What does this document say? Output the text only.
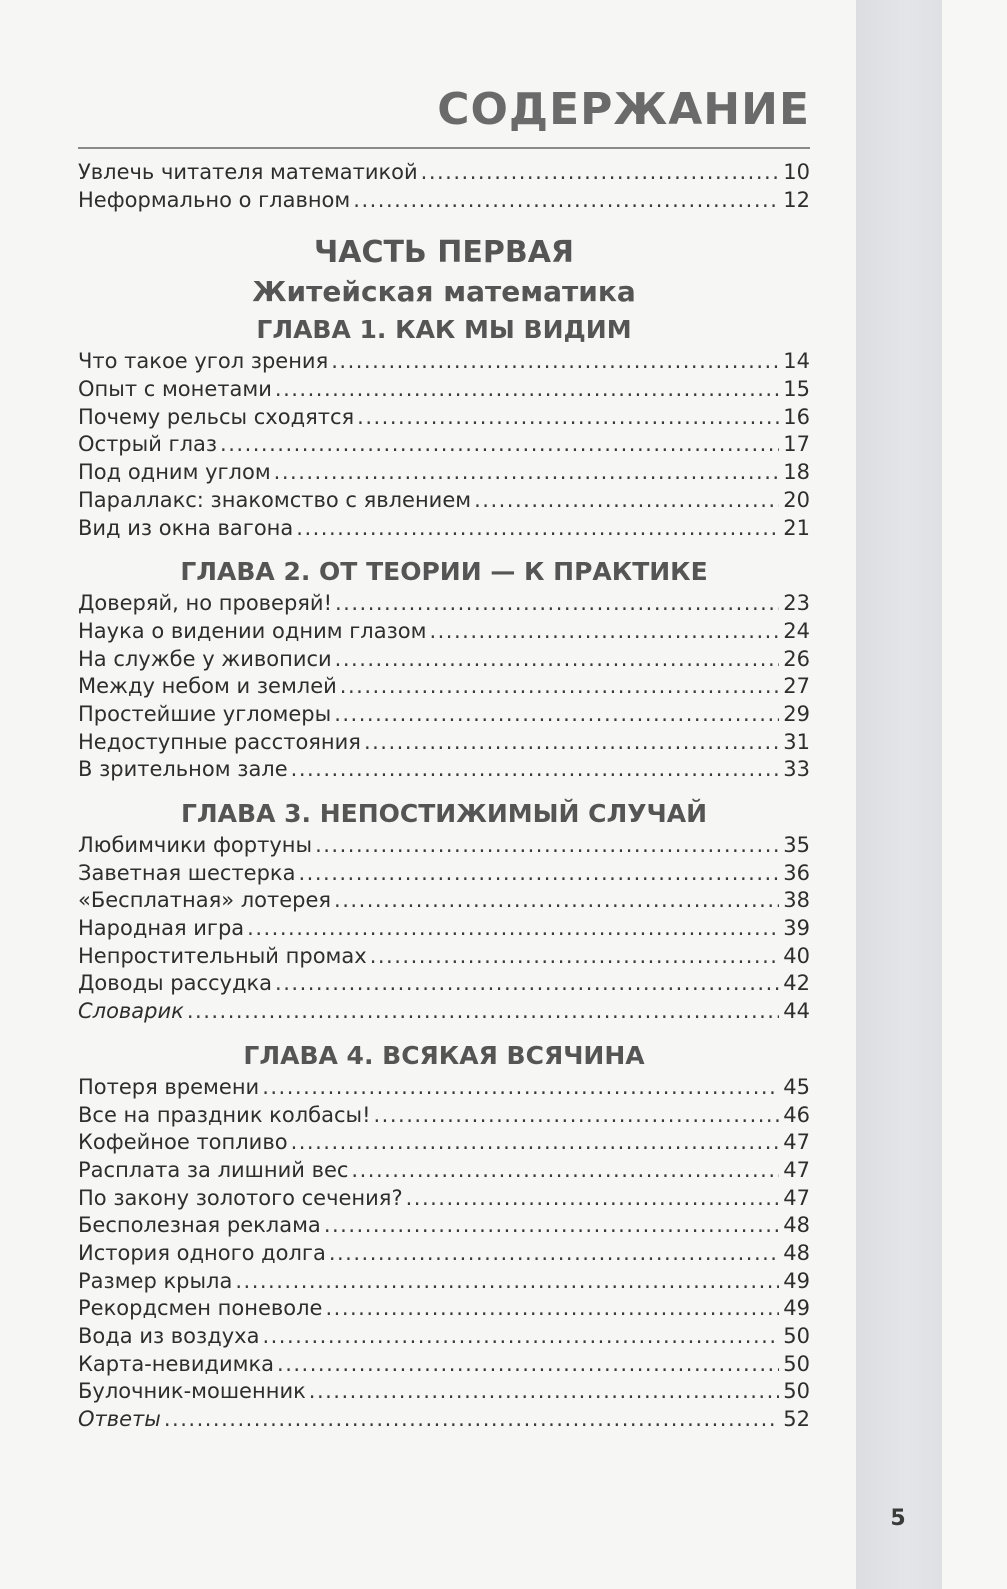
СОДЕРЖАНИЕ
Увлечь читателя математикой .....	10
Неформально о главном .....	12
ЧАСТЬ ПЕРВАЯ
Житейская математика
ГЛАВА 1. КАК МЫ ВИДИМ
Что такое угол зрения .....	14
Опыт с монетами .....	15
Почему рельсы сходятся .....	16
Острый глаз .....	17
Под одним углом .....	18
Параллакс: знакомство с явлением .....	20
Вид из окна вагона .....	21
ГЛАВА 2. ОТ ТЕОРИИ — К ПРАКТИКЕ
Доверяй, но проверяй! .....	23
Наука о видении одним глазом .....	24
На службе у живописи .....	26
Между небом и землей .....	27
Простейшие угломеры .....	29
Недоступные расстояния .....	31
В зрительном зале .....	33
ГЛАВА 3. НЕПОСТИЖИМЫЙ СЛУЧАЙ
Любимчики фортуны .....	35
Заветная шестерка .....	36
«Бесплатная» лотерея .....	38
Народная игра .....	39
Непростительный промах .....	40
Доводы рассудка .....	42
Словарик .....	44
ГЛАВА 4. ВСЯКАЯ ВСЯЧИНА
Потеря времени .....	45
Все на праздник колбасы! .....	46
Кофейное топливо .....	47
Расплата за лишний вес .....	47
По закону золотого сечения? .....	47
Бесполезная реклама .....	48
История одного долга .....	48
Размер крыла .....	49
Рекордсмен поневоле .....	49
Вода из воздуха .....	50
Карта-невидимка .....	50
Булочник-мошенник .....	50
Ответы .....	52
5
